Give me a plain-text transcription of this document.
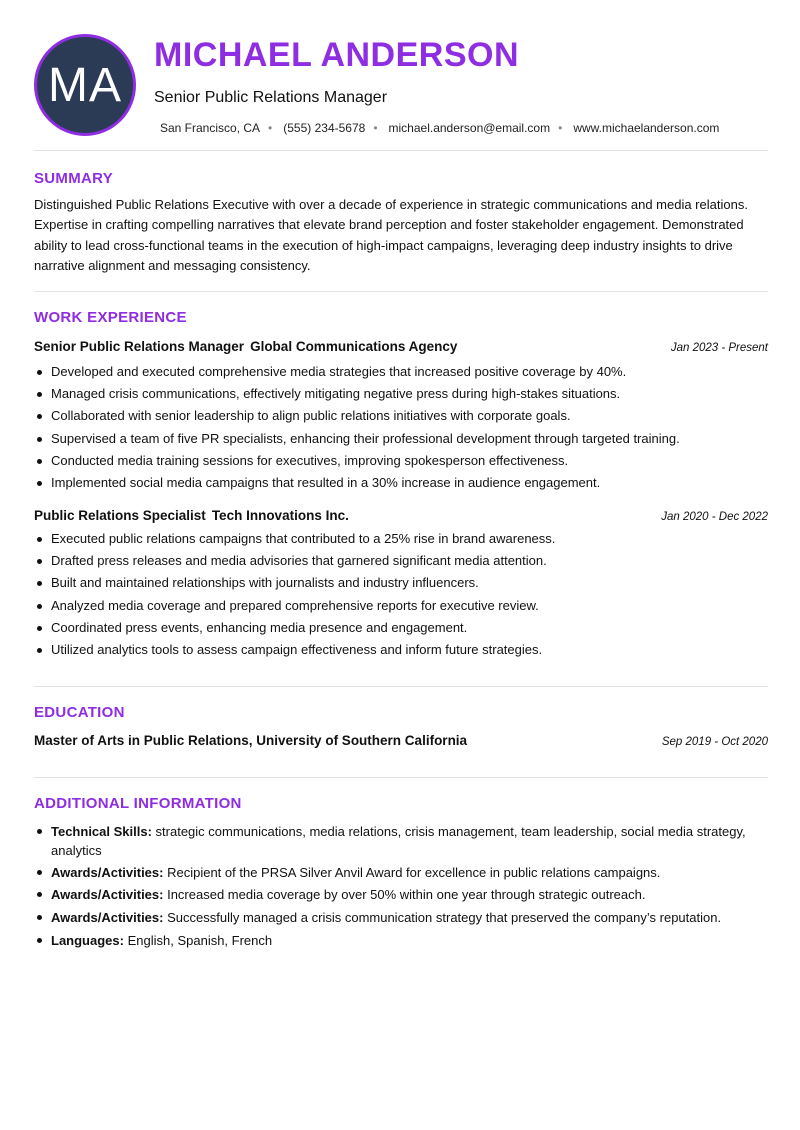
MA
MICHAEL ANDERSON
Senior Public Relations Manager
San Francisco, CA • (555) 234-5678 • michael.anderson@email.com • www.michaelanderson.com
SUMMARY

Distinguished Public Relations Executive with over a decade of experience in strategic communications and media relations. Expertise in crafting compelling narratives that elevate brand perception and foster stakeholder engagement. Demonstrated ability to lead cross-functional teams in the execution of high-impact campaigns, leveraging deep industry insights to drive narrative alignment and messaging consistency.

WORK EXPERIENCE
Senior Public Relations Manager Global Communications Agency	Jan 2023 - Present
Developed and executed comprehensive media strategies that increased positive coverage by 40%.
Managed crisis communications, effectively mitigating negative press during high-stakes situations.
Collaborated with senior leadership to align public relations initiatives with corporate goals.
Supervised a team of five PR specialists, enhancing their professional development through targeted training.
Conducted media training sessions for executives, improving spokesperson effectiveness.
Implemented social media campaigns that resulted in a 30% increase in audience engagement.
Public Relations Specialist Tech Innovations Inc.	Jan 2020 - Dec 2022
Executed public relations campaigns that contributed to a 25% rise in brand awareness.
Drafted press releases and media advisories that garnered significant media attention.
Built and maintained relationships with journalists and industry influencers.
Analyzed media coverage and prepared comprehensive reports for executive review.
Coordinated press events, enhancing media presence and engagement.
Utilized analytics tools to assess campaign effectiveness and inform future strategies.
EDUCATION
Master of Arts in Public Relations, University of Southern California	Sep 2019 - Oct 2020
ADDITIONAL INFORMATION
Technical Skills: strategic communications, media relations, crisis management, team leadership, social media strategy, analytics
Awards/Activities: Recipient of the PRSA Silver Anvil Award for excellence in public relations campaigns.
Awards/Activities: Increased media coverage by over 50% within one year through strategic outreach.
Awards/Activities: Successfully managed a crisis communication strategy that preserved the company’s reputation.
Languages: English, Spanish, French
